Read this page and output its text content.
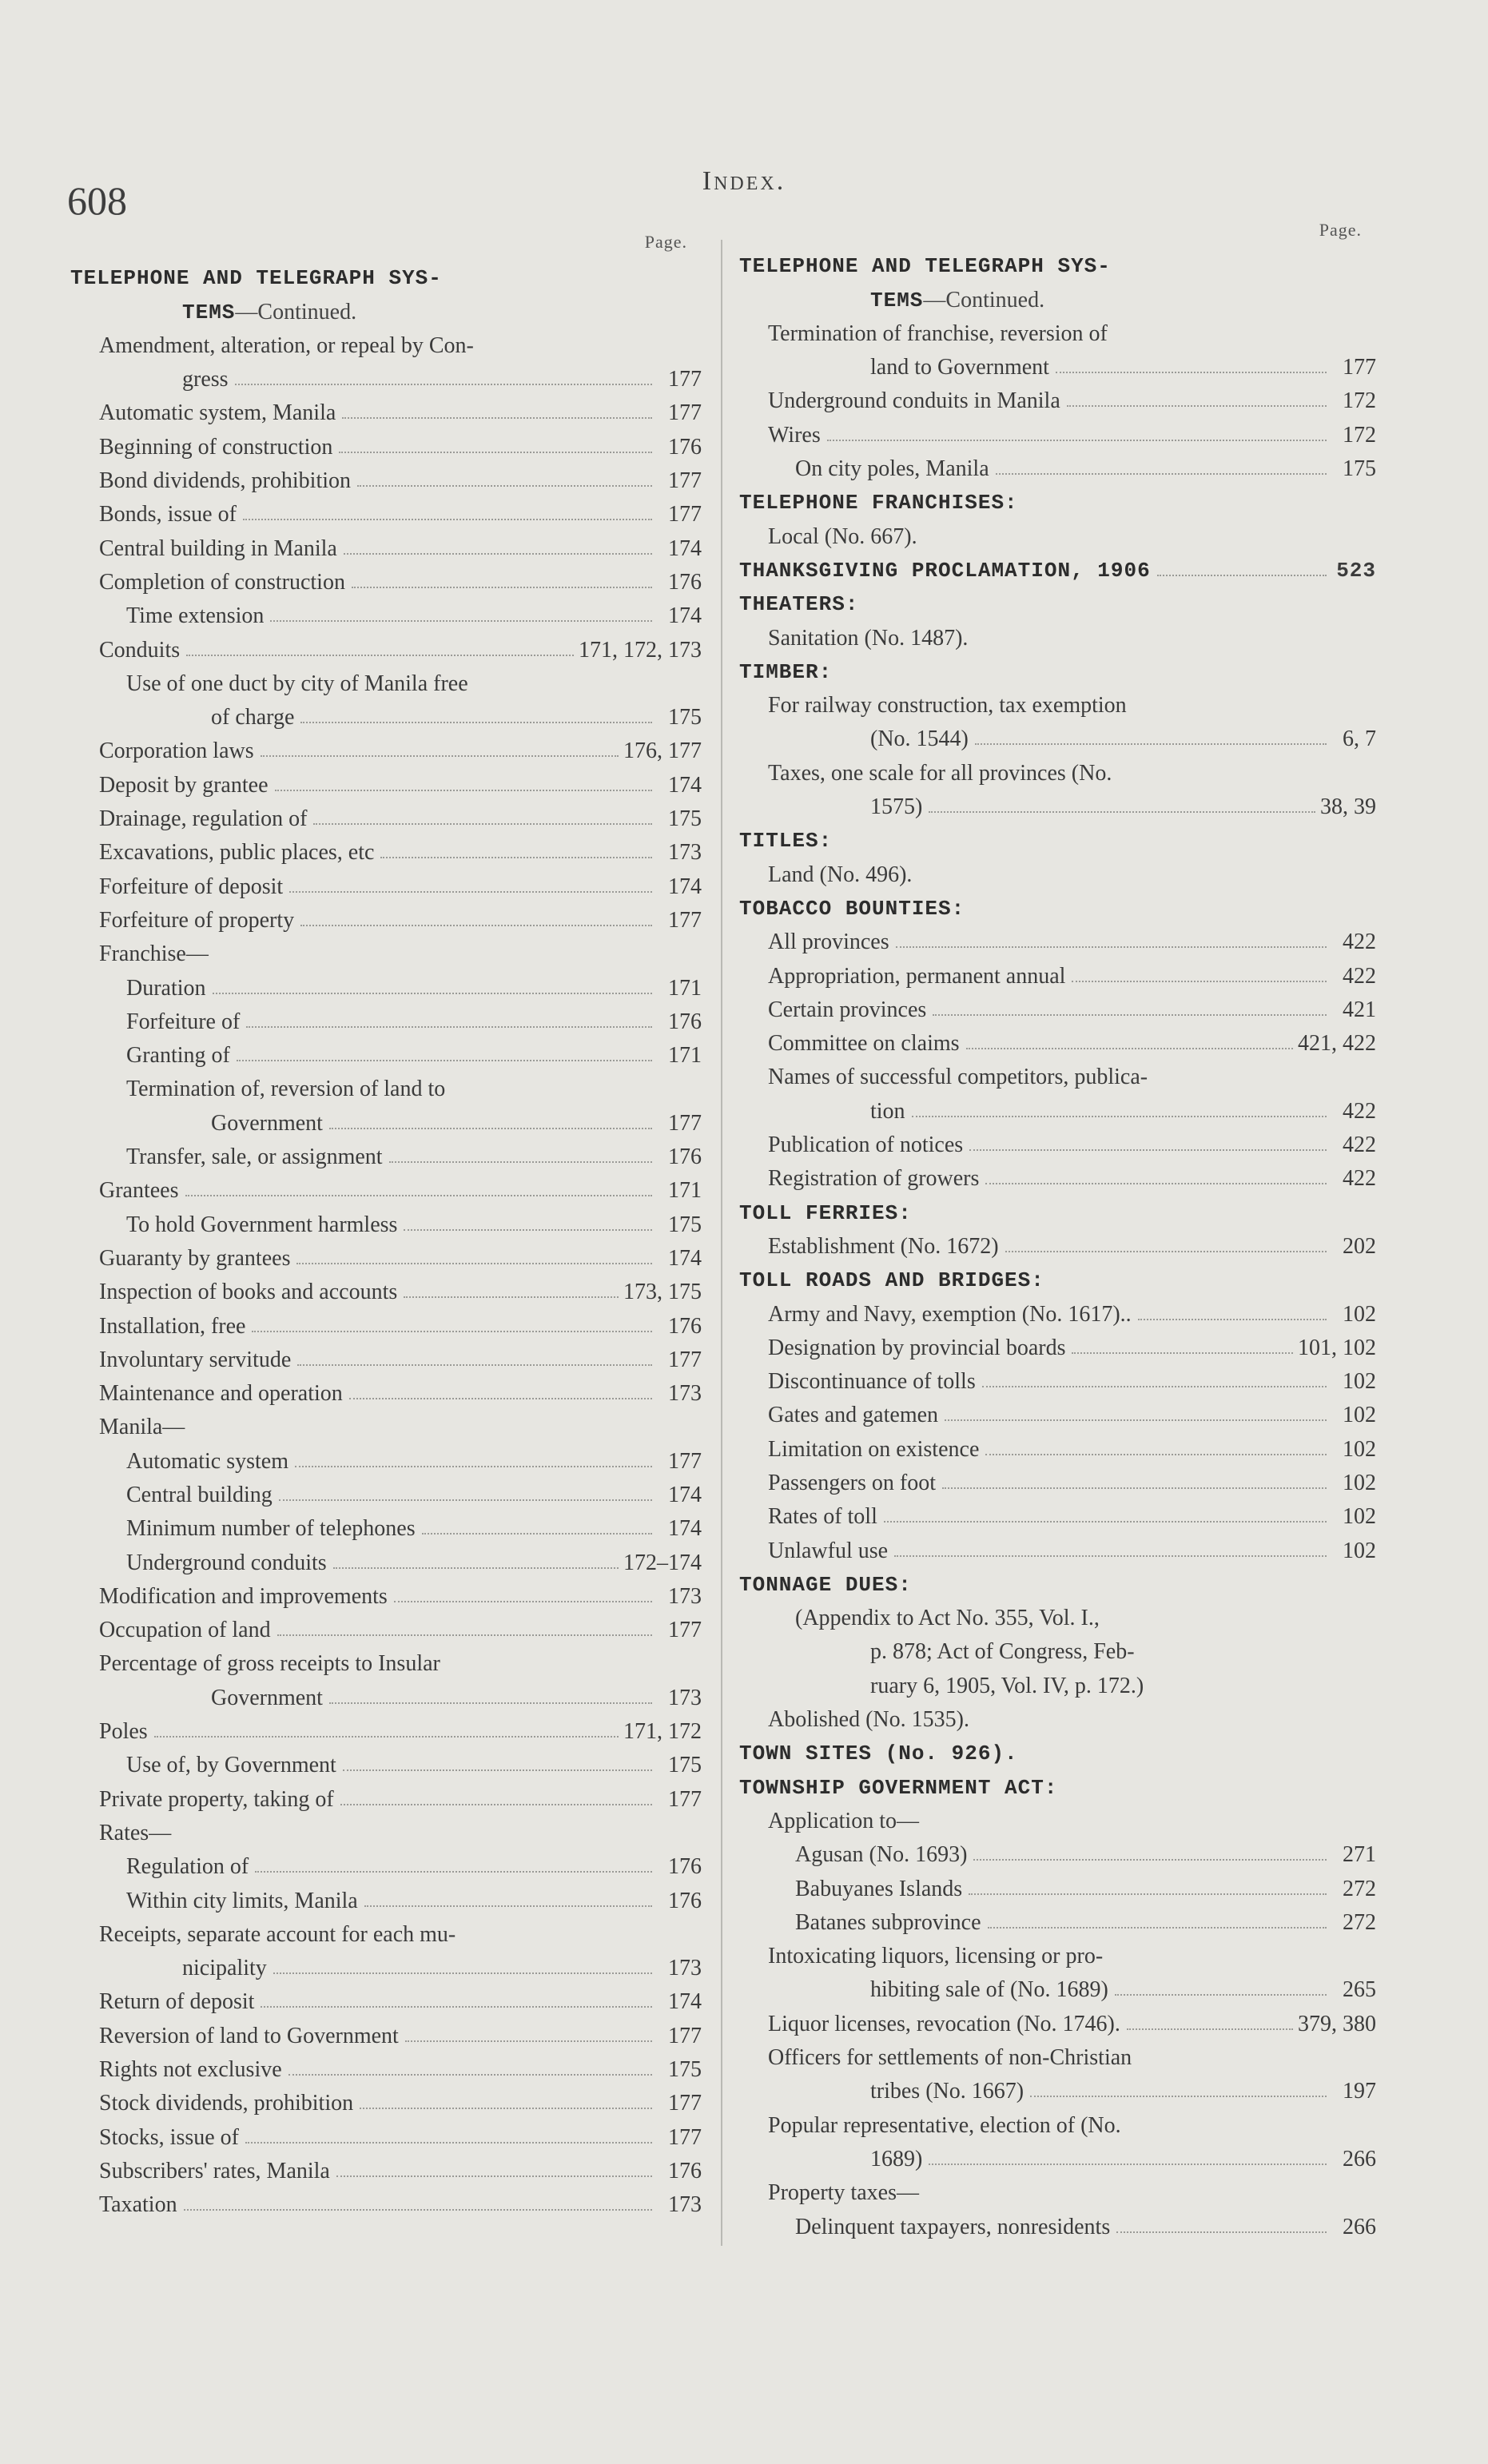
608	Index.
Page.
TELEPHONE AND TELEGRAPH SYS-
TEMS —Continued.
Amendment, alteration, or repeal by Con-
gress	177
Automatic system, Manila	177
Beginning of construction	176
Bond dividends, prohibition	177
Bonds, issue of	177
Central building in Manila	174
Completion of construction	176
Time extension	174
Conduits	171, 172, 173
Use of one duct by city of Manila free
of charge	175
Corporation laws	176, 177
Deposit by grantee	174
Drainage, regulation of	175
Excavations, public places, etc	173
Forfeiture of deposit	174
Forfeiture of property	177
Franchise—
Duration	171
Forfeiture of	176
Granting of	171
Termination of, reversion of land to
Government	177
Transfer, sale, or assignment	176
Grantees	171
To hold Government harmless	175
Guaranty by grantees	174
Inspection of books and accounts	173, 175
Installation, free	176
Involuntary servitude	177
Maintenance and operation	173
Manila—
Automatic system	177
Central building	174
Minimum number of telephones	174
Underground conduits	172–174
Modification and improvements	173
Occupation of land	177
Percentage of gross receipts to Insular
Government	173
Poles	171, 172
Use of, by Government	175
Private property, taking of	177
Rates—
Regulation of	176
Within city limits, Manila	176
Receipts, separate account for each mu-
nicipality	173
Return of deposit	174
Reversion of land to Government	177
Rights not exclusive	175
Stock dividends, prohibition	177
Stocks, issue of	177
Subscribers' rates, Manila	176
Taxation	173
Page.
TELEPHONE AND TELEGRAPH SYS-
TEMS —Continued.
Termination of franchise, reversion of
land to Government	177
Underground conduits in Manila	172
Wires	172
On city poles, Manila	175
TELEPHONE FRANCHISES:
Local (No. 667).
THANKSGIVING PROCLAMATION, 1906	523
THEATERS:
Sanitation (No. 1487).
TIMBER:
For railway construction, tax exemption
(No. 1544)	6, 7
Taxes, one scale for all provinces (No.
1575)	38, 39
TITLES:
Land (No. 496).
TOBACCO BOUNTIES:
All provinces	422
Appropriation, permanent annual	422
Certain provinces	421
Committee on claims	421, 422
Names of successful competitors, publica-
tion	422
Publication of notices	422
Registration of growers	422
TOLL FERRIES:
Establishment (No. 1672)	202
TOLL ROADS AND BRIDGES:
Army and Navy, exemption (No. 1617)..	102
Designation by provincial boards	101, 102
Discontinuance of tolls	102
Gates and gatemen	102
Limitation on existence	102
Passengers on foot	102
Rates of toll	102
Unlawful use	102
TONNAGE DUES:
(Appendix to Act No. 355, Vol. I.,
p. 878; Act of Congress, Feb-
ruary 6, 1905, Vol. IV, p. 172.)
Abolished (No. 1535).
TOWN SITES (No. 926).
TOWNSHIP GOVERNMENT ACT:
Application to—
Agusan (No. 1693)	271
Babuyanes Islands	272
Batanes subprovince	272
Intoxicating liquors, licensing or pro-
hibiting sale of (No. 1689)	265
Liquor licenses, revocation (No. 1746).	379, 380
Officers for settlements of non-Christian
tribes (No. 1667)	197
Popular representative, election of (No.
1689)	266
Property taxes—
Delinquent taxpayers, nonresidents	266
